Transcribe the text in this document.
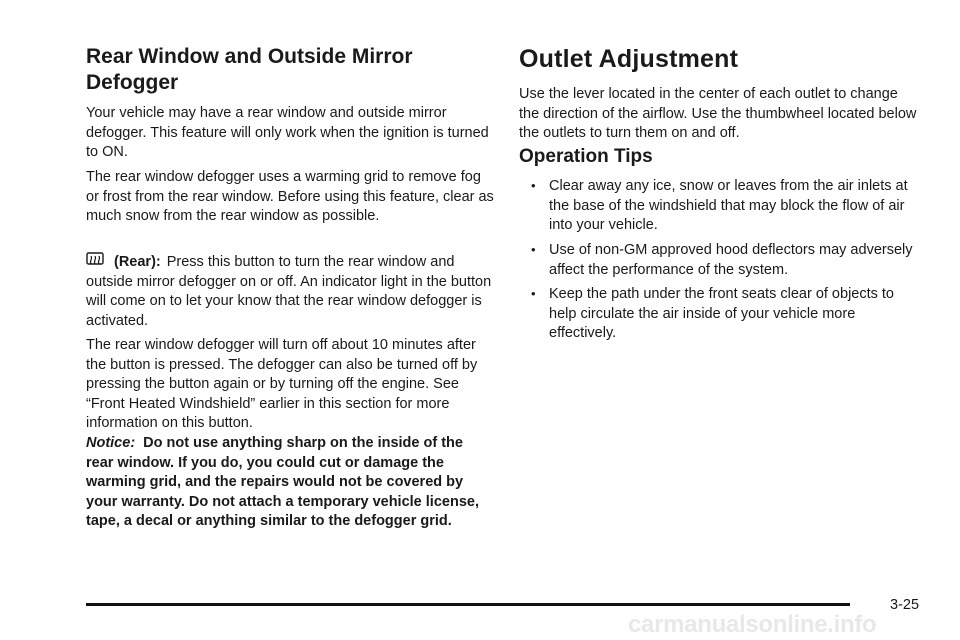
Rear Window and Outside Mirror Defogger

Your vehicle may have a rear window and outside mirror defogger. This feature will only work when the ignition is turned to ON.

The rear window defogger uses a warming grid to remove fog or frost from the rear window. Before using this feature, clear as much snow from the rear window as possible.

(Rear): Press this button to turn the rear window and outside mirror defogger on or off. An indicator light in the button will come on to let your know that the rear window defogger is activated.

The rear window defogger will turn off about 10 minutes after the button is pressed. The defogger can also be turned off by pressing the button again or by turning off the engine. See “Front Heated Windshield” earlier in this section for more information on this button.

Notice: Do not use anything sharp on the inside of the rear window. If you do, you could cut or damage the warming grid, and the repairs would not be covered by your warranty. Do not attach a temporary vehicle license, tape, a decal or anything similar to the defogger grid.

Outlet Adjustment

Use the lever located in the center of each outlet to change the direction of the airflow. Use the thumbwheel located below the outlets to turn them on and off.

Operation Tips
• Clear away any ice, snow or leaves from the air inlets at the base of the windshield that may block the flow of air into your vehicle.
• Use of non-GM approved hood deflectors may adversely affect the performance of the system.
• Keep the path under the front seats clear of objects to help circulate the air inside of your vehicle more effectively.
3-25
carmanualsonline.info
